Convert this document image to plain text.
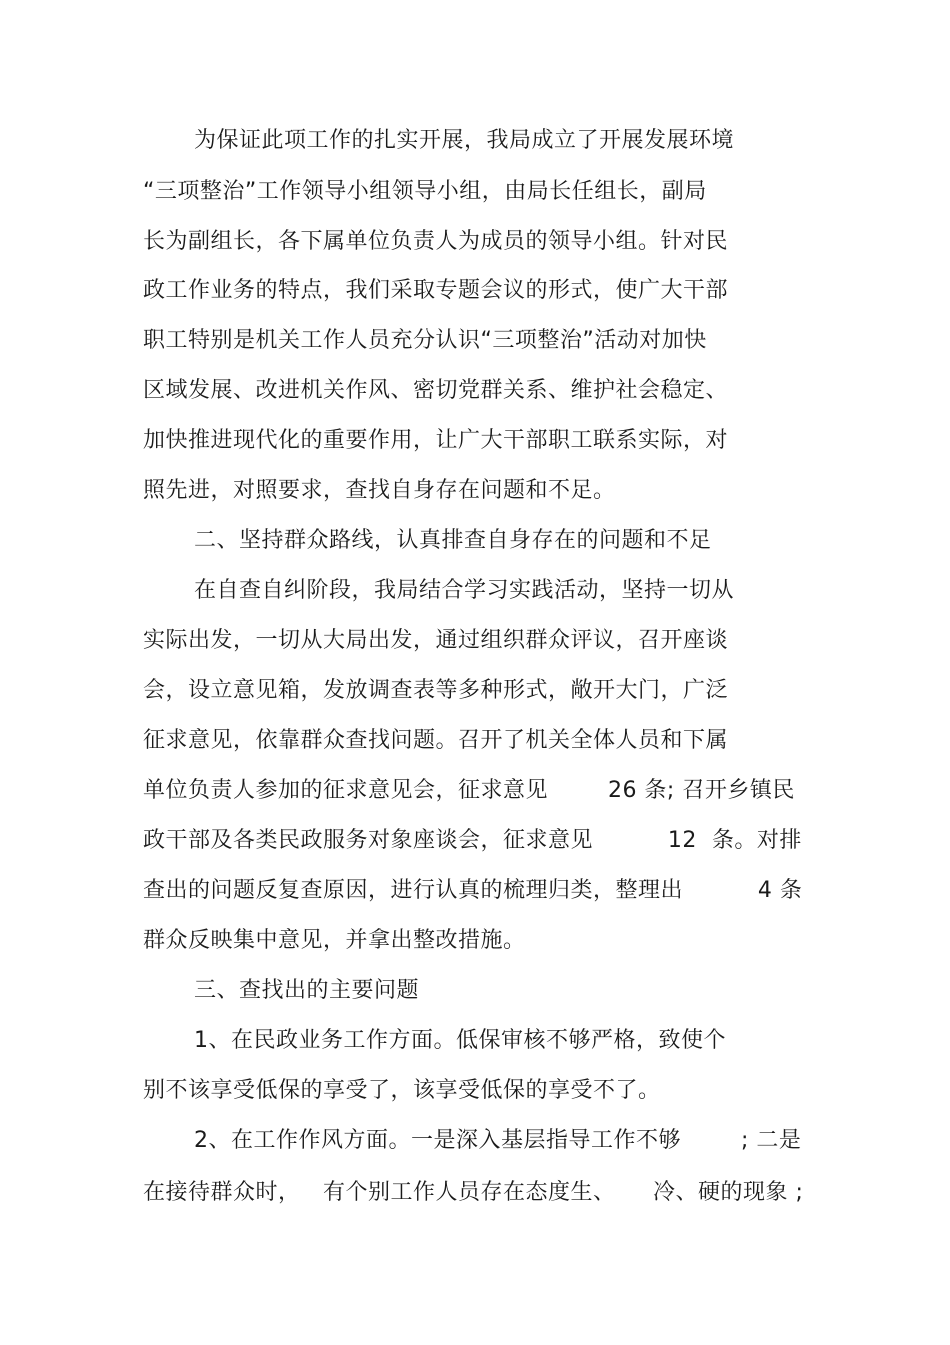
为保证此项工作的扎实开展，我局成立了开展发展环境
“三项整治”工作领导小组领导小组，由局长任组长，副局
长为副组长，各下属单位负责人为成员的领导小组。针对民
政工作业务的特点，我们采取专题会议的形式，使广大干部
职工特别是机关工作人员充分认识“三项整治”活动对加快
区域发展、改进机关作风、密切党群关系、维护社会稳定、
加快推进现代化的重要作用，让广大干部职工联系实际，对
照先进，对照要求，查找自身存在问题和不足。
二、坚持群众路线，认真排查自身存在的问题和不足
在自查自纠阶段，我局结合学习实践活动，坚持一切从
实际出发，一切从大局出发，通过组织群众评议，召开座谈
会，设立意见箱，发放调查表等多种形式，敞开大门，广泛
征求意见，依靠群众查找问题。召开了机关全体人员和下属
单位负责人参加的征求意见会，征求意见        26 条; 召开乡镇民
政干部及各类民政服务对象座谈会，征求意见          12  条。对排
查出的问题反复查原因，进行认真的梳理归类，整理出          4 条
群众反映集中意见，并拿出整改措施。
三、查找出的主要问题
1、在民政业务工作方面。低保审核不够严格，致使个
别不该享受低保的享受了，该享受低保的享受不了。
2、在工作作风方面。一是深入基层指导工作不够        ; 二是
在接待群众时，   有个别工作人员存在态度生、     冷、硬的现象 ;
